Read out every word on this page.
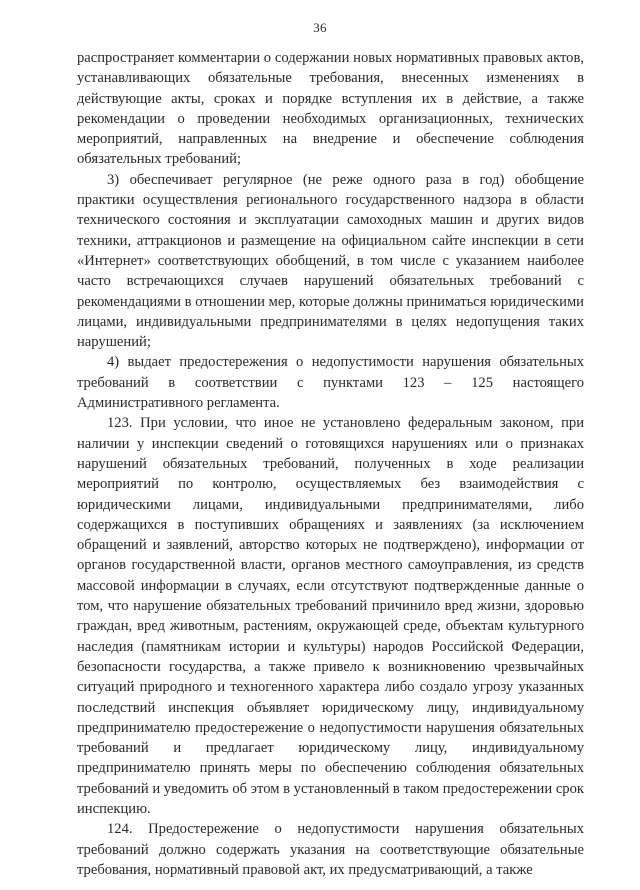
36

распространяет комментарии о содержании новых нормативных правовых актов, устанавливающих обязательные требования, внесенных изменениях в действующие акты, сроках и порядке вступления их в действие, а также рекомендации о проведении необходимых организационных, технических мероприятий, направленных на внедрение и обеспечение соблюдения обязательных требований;

3) обеспечивает регулярное (не реже одного раза в год) обобщение практики осуществления регионального государственного надзора в области технического состояния и эксплуатации самоходных машин и других видов техники, аттракционов и размещение на официальном сайте инспекции в сети «Интернет» соответствующих обобщений, в том числе с указанием наиболее часто встречающихся случаев нарушений обязательных требований с рекомендациями в отношении мер, которые должны приниматься юридическими лицами, индивидуальными предпринимателями в целях недопущения таких нарушений;

4) выдает предостережения о недопустимости нарушения обязательных требований в соответствии с пунктами 123 – 125 настоящего Административного регламента.

123. При условии, что иное не установлено федеральным законом, при наличии у инспекции сведений о готовящихся нарушениях или о признаках нарушений обязательных требований, полученных в ходе реализации мероприятий по контролю, осуществляемых без взаимодействия с юридическими лицами, индивидуальными предпринимателями, либо содержащихся в поступивших обращениях и заявлениях (за исключением обращений и заявлений, авторство которых не подтверждено), информации от органов государственной власти, органов местного самоуправления, из средств массовой информации в случаях, если отсутствуют подтвержденные данные о том, что нарушение обязательных требований причинило вред жизни, здоровью граждан, вред животным, растениям, окружающей среде, объектам культурного наследия (памятникам истории и культуры) народов Российской Федерации, безопасности государства, а также привело к возникновению чрезвычайных ситуаций природного и техногенного характера либо создало угрозу указанных последствий инспекция объявляет юридическому лицу, индивидуальному предпринимателю предостережение о недопустимости нарушения обязательных требований и предлагает юридическому лицу, индивидуальному предпринимателю принять меры по обеспечению соблюдения обязательных требований и уведомить об этом в установленный в таком предостережении срок инспекцию.

124. Предостережение о недопустимости нарушения обязательных требований должно содержать указания на соответствующие обязательные требования, нормативный правовой акт, их предусматривающий, а также
